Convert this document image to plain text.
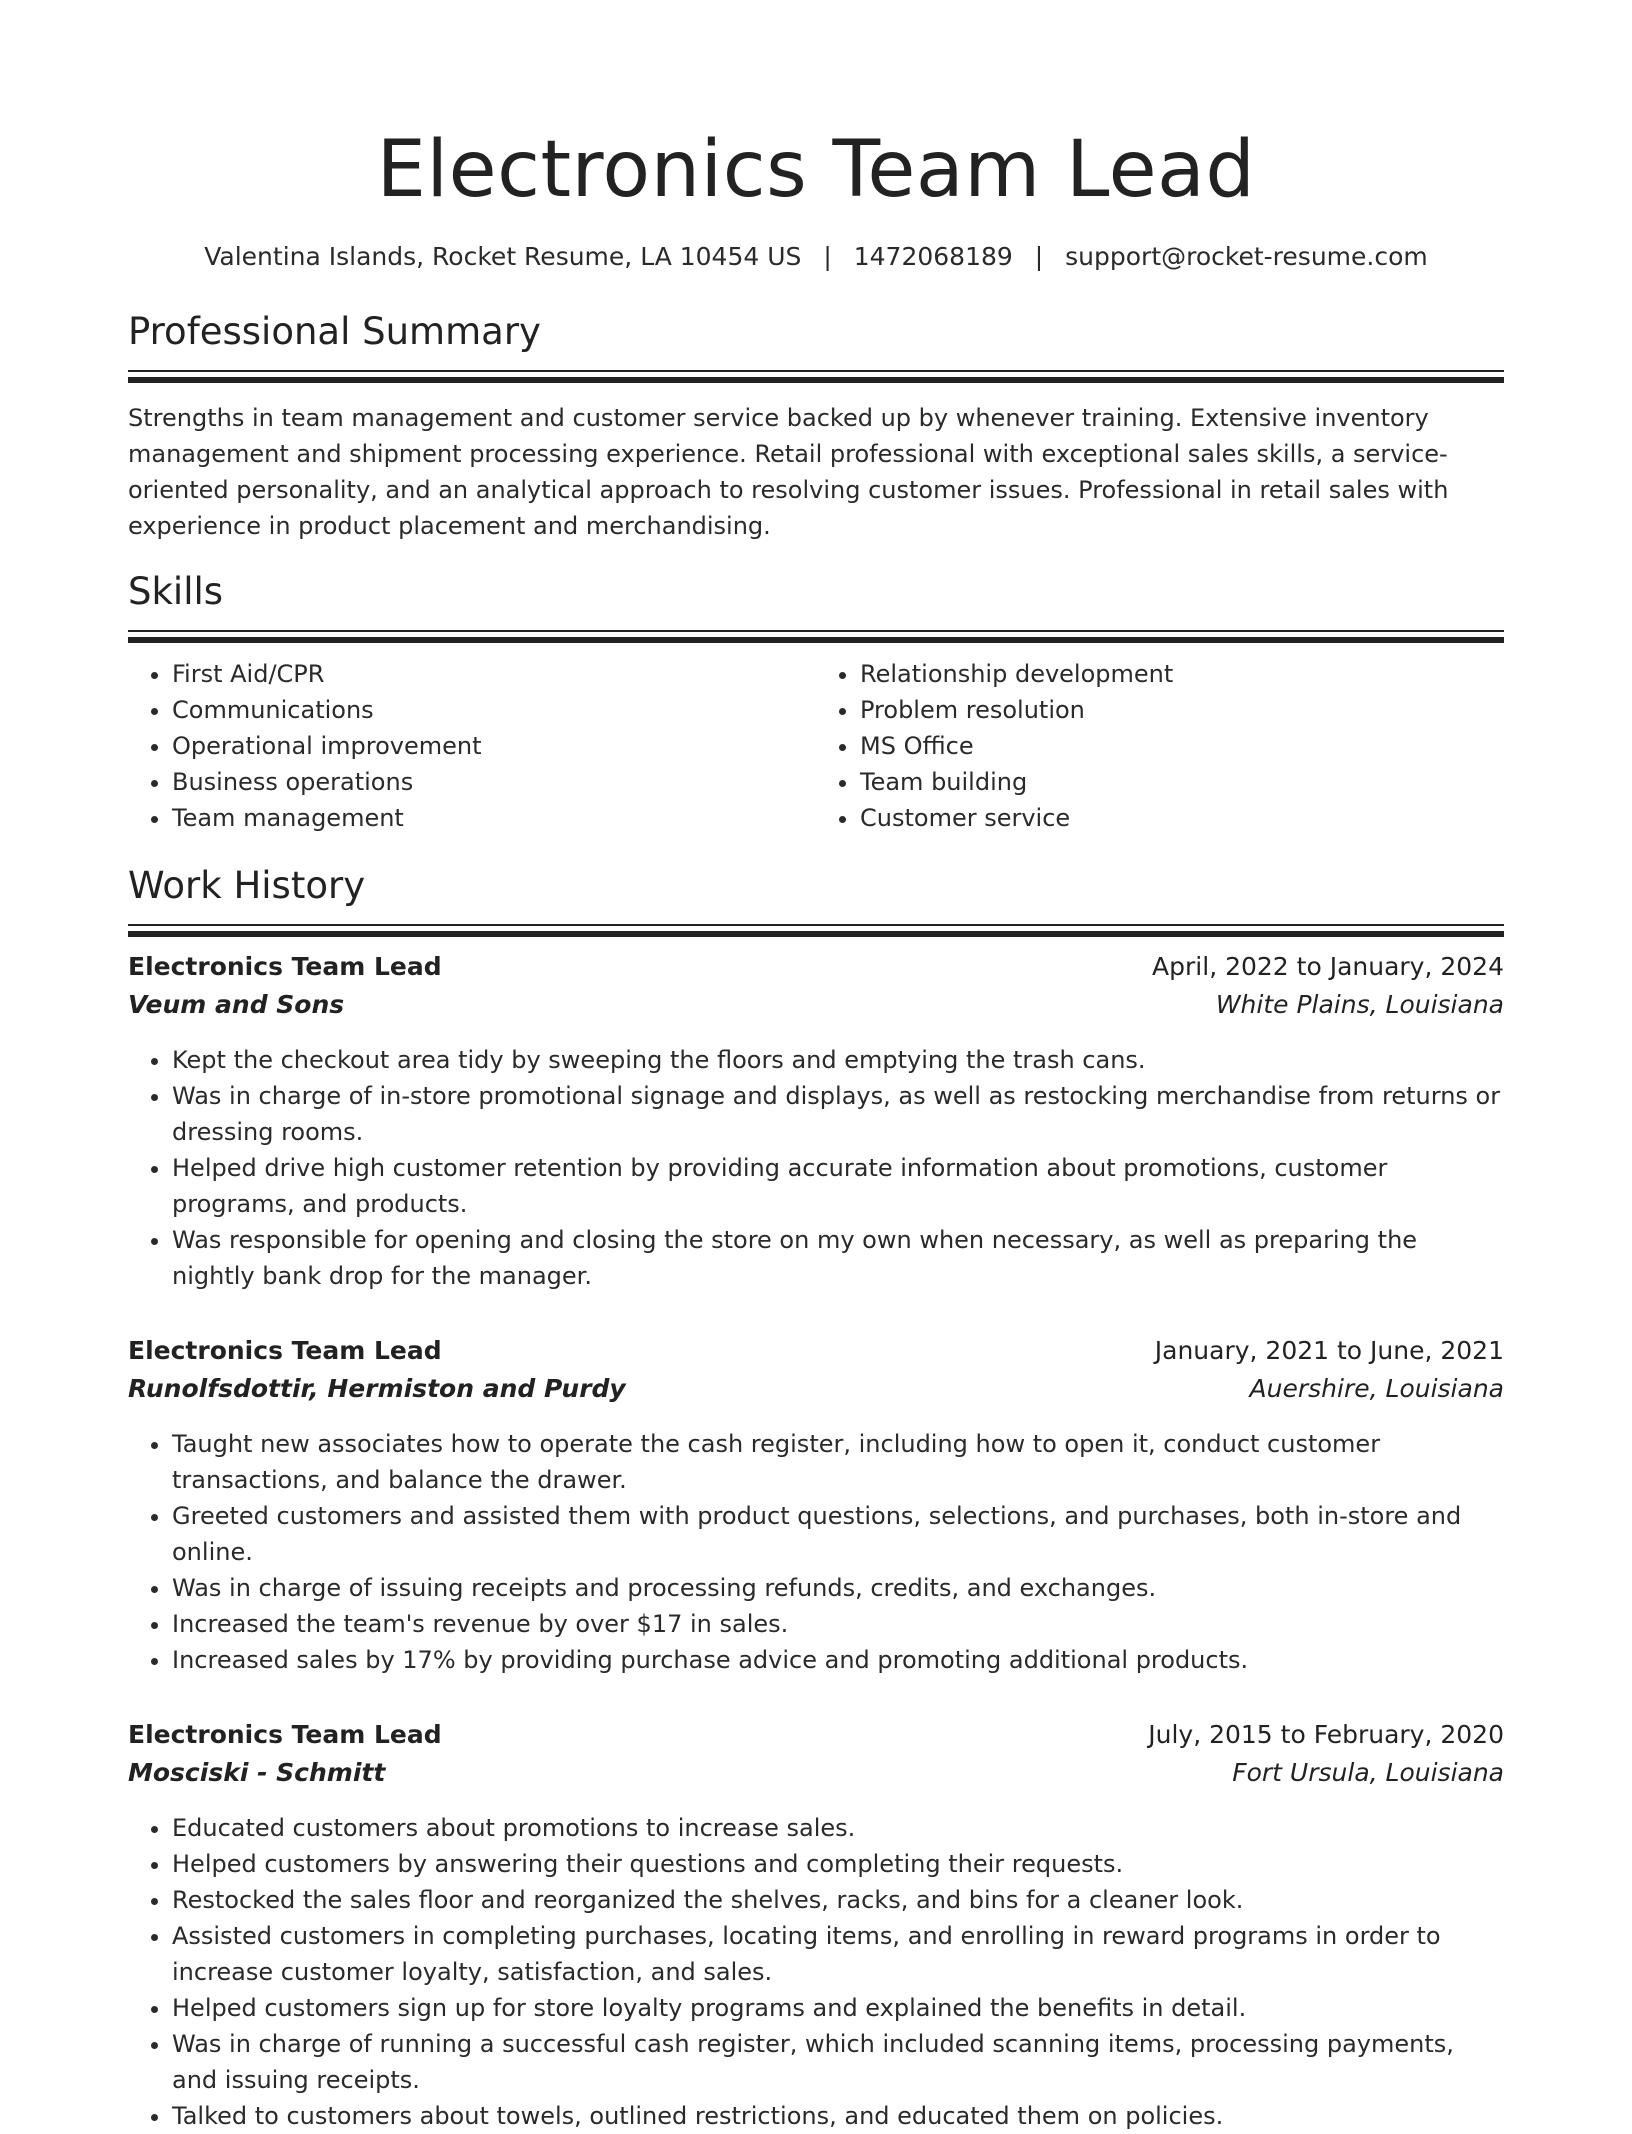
Electronics Team Lead
Valentina Islands, Rocket Resume, LA 10454 US | 1472068189 | support@rocket-resume.com
Professional Summary

Strengths in team management and customer service backed up by whenever training. Extensive inventory management and shipment processing experience. Retail professional with exceptional sales skills, a service-oriented personality, and an analytical approach to resolving customer issues. Professional in retail sales with experience in product placement and merchandising.

Skills
• First Aid/CPR
• Communications
• Operational improvement
• Business operations
• Team management
• Relationship development
• Problem resolution
• MS Office
• Team building
• Customer service
Work History
Electronics Team Lead	April, 2022 to January, 2024
Veum and Sons	White Plains, Louisiana
• Kept the checkout area tidy by sweeping the floors and emptying the trash cans.
• Was in charge of in-store promotional signage and displays, as well as restocking merchandise from returns or dressing rooms.
• Helped drive high customer retention by providing accurate information about promotions, customer programs, and products.
• Was responsible for opening and closing the store on my own when necessary, as well as preparing the nightly bank drop for the manager.
Electronics Team Lead	January, 2021 to June, 2021
Runolfsdottir, Hermiston and Purdy	Auershire, Louisiana
• Taught new associates how to operate the cash register, including how to open it, conduct customer transactions, and balance the drawer.
• Greeted customers and assisted them with product questions, selections, and purchases, both in-store and online.
• Was in charge of issuing receipts and processing refunds, credits, and exchanges.
• Increased the team's revenue by over $17 in sales.
• Increased sales by 17% by providing purchase advice and promoting additional products.
Electronics Team Lead	July, 2015 to February, 2020
Mosciski - Schmitt	Fort Ursula, Louisiana
• Educated customers about promotions to increase sales.
• Helped customers by answering their questions and completing their requests.
• Restocked the sales floor and reorganized the shelves, racks, and bins for a cleaner look.
• Assisted customers in completing purchases, locating items, and enrolling in reward programs in order to increase customer loyalty, satisfaction, and sales.
• Helped customers sign up for store loyalty programs and explained the benefits in detail.
• Was in charge of running a successful cash register, which included scanning items, processing payments, and issuing receipts.
• Talked to customers about towels, outlined restrictions, and educated them on policies.
